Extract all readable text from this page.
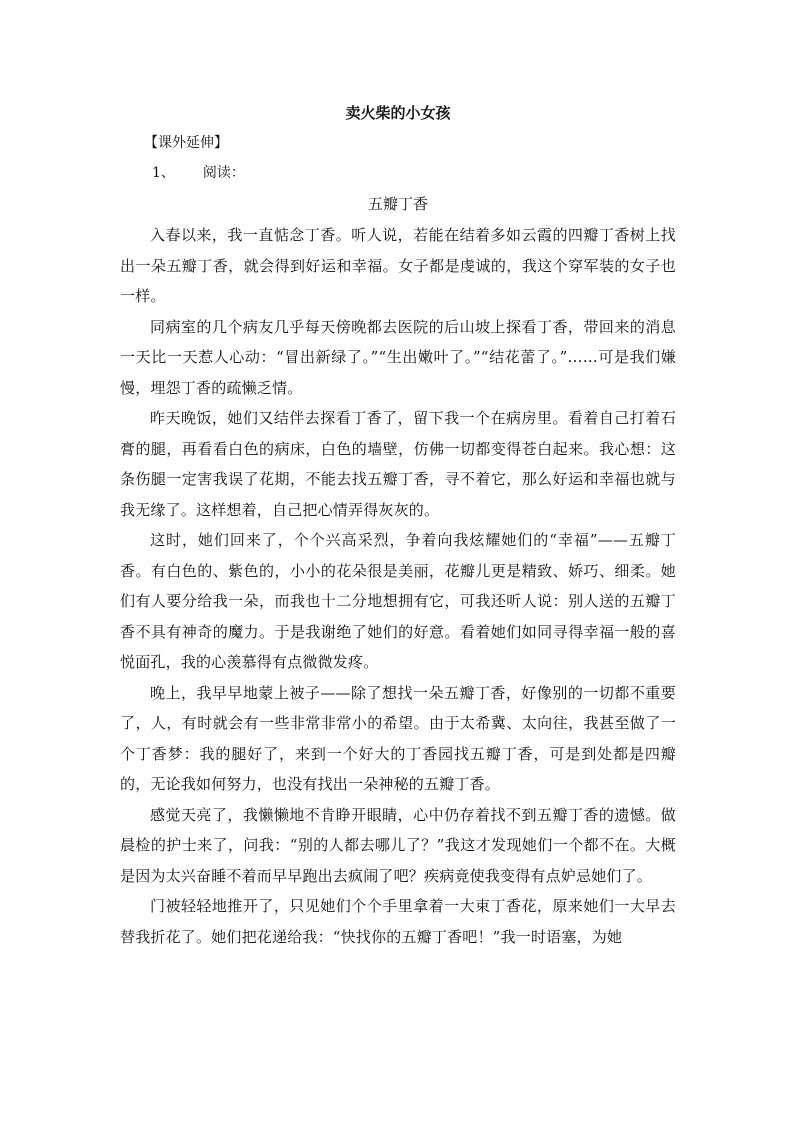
卖火柴的小女孩
【课外延伸】
1、 阅读：
五瓣丁香

入春以来，我一直惦念丁香。听人说，若能在结着多如云霞的四瓣丁香树上找出一朵五瓣丁香，就会得到好运和幸福。女子都是虔诚的，我这个穿军装的女子也一样。

同病室的几个病友几乎每天傍晚都去医院的后山坡上探看丁香，带回来的消息一天比一天惹人心动：“冒出新绿了。”“生出嫩叶了。”“结花蕾了。”……可是我们嫌慢，埋怨丁香的疏懒乏情。

昨天晚饭，她们又结伴去探看丁香了，留下我一个在病房里。看着自己打着石膏的腿，再看看白色的病床，白色的墙壁，仿佛一切都变得苍白起来。我心想：这条伤腿一定害我误了花期，不能去找五瓣丁香，寻不着它，那么好运和幸福也就与我无缘了。这样想着，自己把心情弄得灰灰的。

这时，她们回来了，个个兴高采烈，争着向我炫耀她们的“幸福”——五瓣丁香。有白色的、紫色的，小小的花朵很是美丽，花瓣儿更是精致、娇巧、细柔。她们有人要分给我一朵，而我也十二分地想拥有它，可我还听人说：别人送的五瓣丁香不具有神奇的魔力。于是我谢绝了她们的好意。看着她们如同寻得幸福一般的喜悦面孔，我的心羡慕得有点微微发疼。

晚上，我早早地蒙上被子——除了想找一朵五瓣丁香，好像别的一切都不重要了，人，有时就会有一些非常非常小的希望。由于太希冀、太向往，我甚至做了一个丁香梦：我的腿好了，来到一个好大的丁香园找五瓣丁香，可是到处都是四瓣的，无论我如何努力，也没有找出一朵神秘的五瓣丁香。

感觉天亮了，我懒懒地不肯睁开眼睛，心中仍存着找不到五瓣丁香的遗憾。做晨检的护士来了，问我：“别的人都去哪儿了？”我这才发现她们一个都不在。大概是因为太兴奋睡不着而早早跑出去疯闹了吧？疾病竟使我变得有点妒忌她们了。

门被轻轻地推开了，只见她们个个手里拿着一大束丁香花，原来她们一大早去替我折花了。她们把花递给我：“快找你的五瓣丁香吧！”我一时语塞，为她
